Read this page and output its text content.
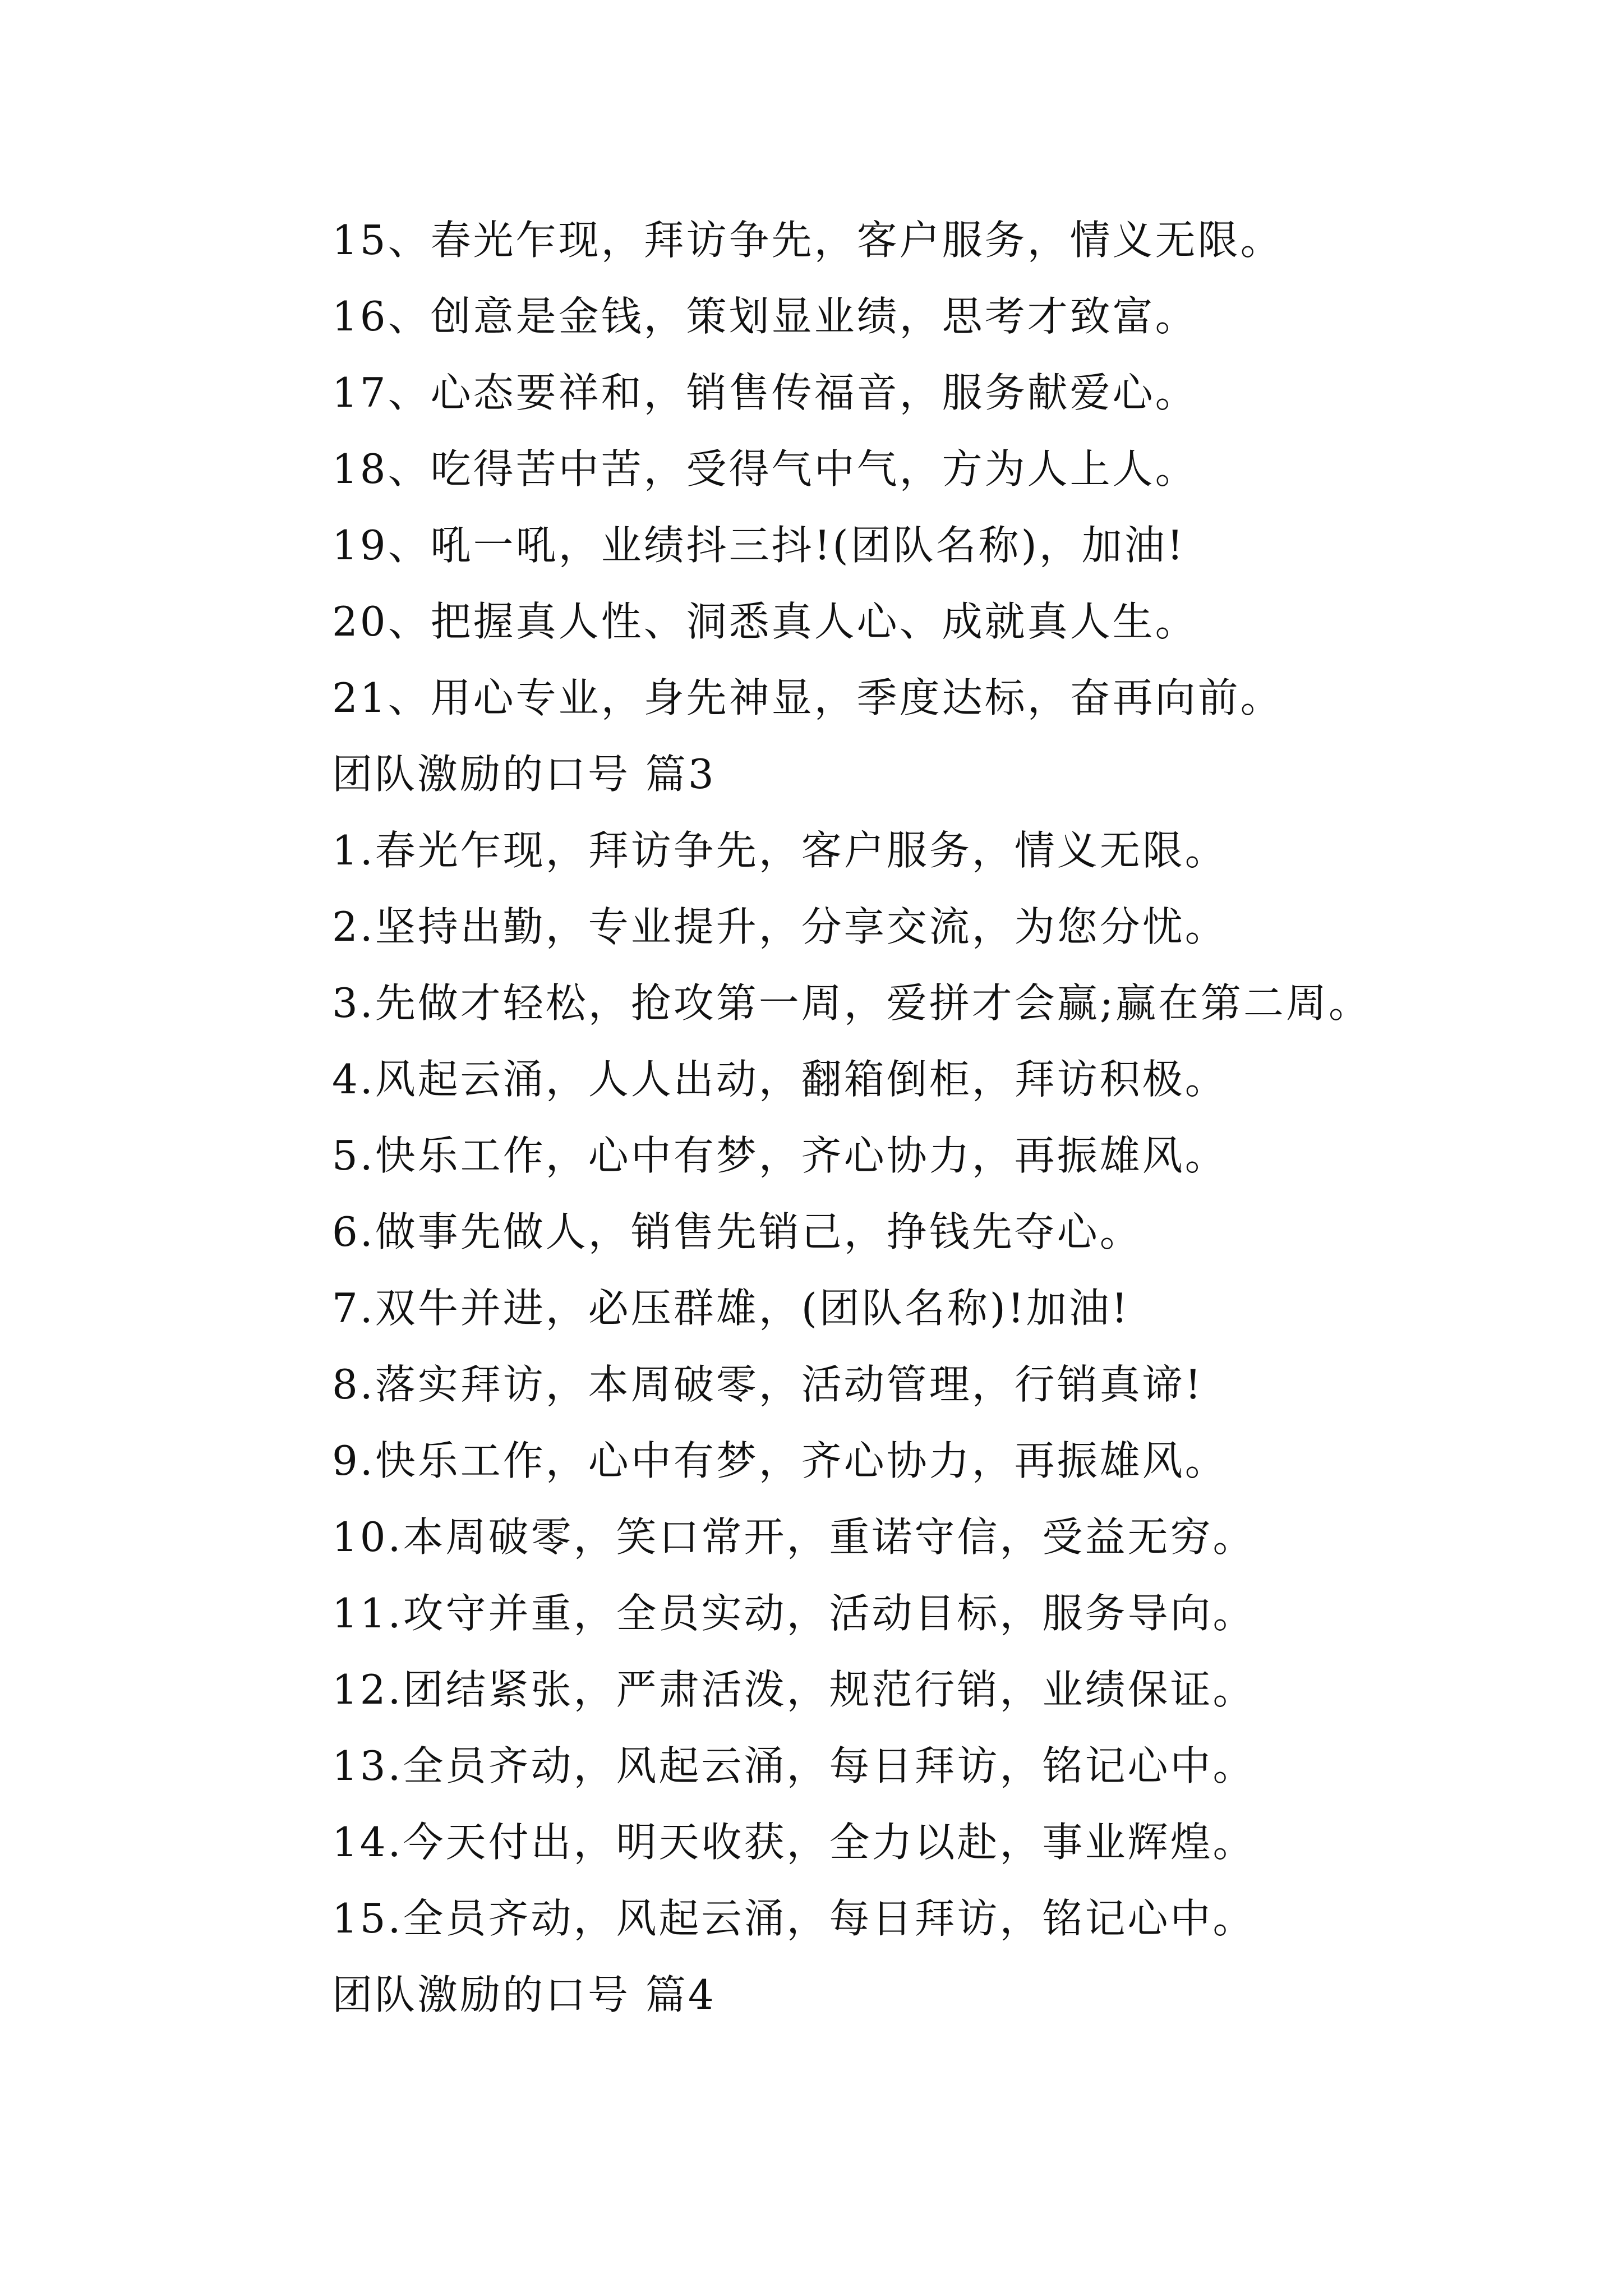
15、春光乍现，拜访争先，客户服务，情义无限。
16、创意是金钱，策划显业绩，思考才致富。
17、心态要祥和，销售传福音，服务献爱心。
18、吃得苦中苦，受得气中气，方为人上人。
19、吼一吼，业绩抖三抖!(团队名称)，加油!
20、把握真人性、洞悉真人心、成就真人生。
21、用心专业，身先神显，季度达标，奋再向前。
团队激励的口号 篇3
1.春光乍现，拜访争先，客户服务，情义无限。
2.坚持出勤，专业提升，分享交流，为您分忧。
3.先做才轻松，抢攻第一周，爱拼才会赢;赢在第二周。
4.风起云涌，人人出动，翻箱倒柜，拜访积极。
5.快乐工作，心中有梦，齐心协力，再振雄风。
6.做事先做人，销售先销己，挣钱先夺心。
7.双牛并进，必压群雄，(团队名称)!加油!
8.落实拜访，本周破零，活动管理，行销真谛!
9.快乐工作，心中有梦，齐心协力，再振雄风。
10.本周破零，笑口常开，重诺守信，受益无穷。
11.攻守并重，全员实动，活动目标，服务导向。
12.团结紧张，严肃活泼，规范行销，业绩保证。
13.全员齐动，风起云涌，每日拜访，铭记心中。
14.今天付出，明天收获，全力以赴，事业辉煌。
15.全员齐动，风起云涌，每日拜访，铭记心中。
团队激励的口号 篇4
